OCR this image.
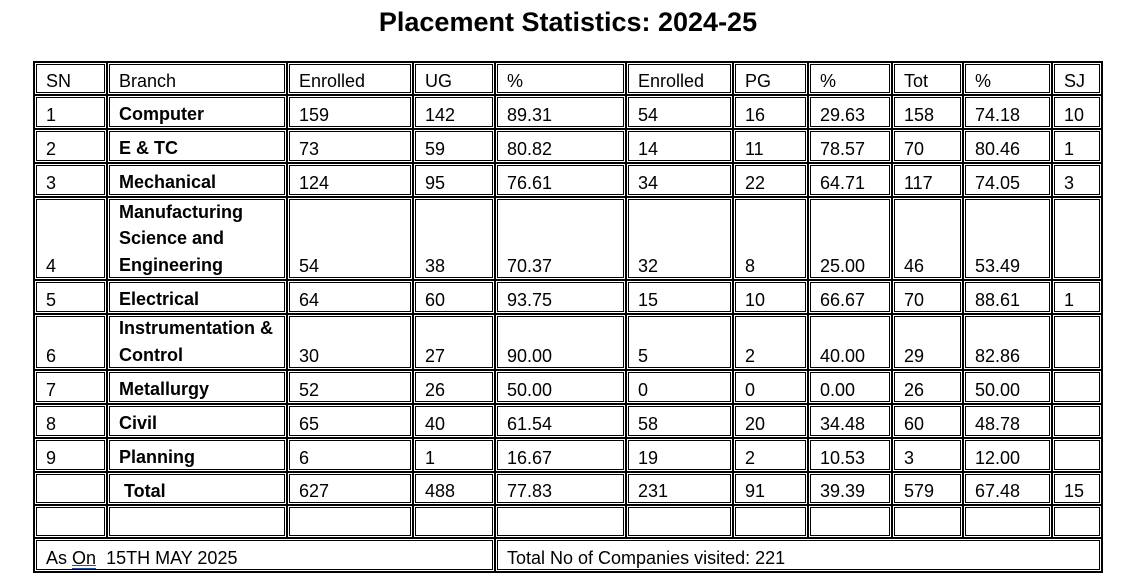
Placement Statistics: 2024-25
SN	Branch	Enrolled	UG	%	Enrolled	PG	%	Tot	%	SJ
1	Computer	159	142	89.31	54	16	29.63	158	74.18	10
2	E & TC	73	59	80.82	14	11	78.57	70	80.46	1
3	Mechanical	124	95	76.61	34	22	64.71	117	74.05	3
4	Manufacturing Science and Engineering	54	38	70.37	32	8	25.00	46	53.49	
5	Electrical	64	60	93.75	15	10	66.67	70	88.61	1
6	Instrumentation & Control	30	27	90.00	5	2	40.00	29	82.86	
7	Metallurgy	52	26	50.00	0	0	0.00	26	50.00	
8	Civil	65	40	61.54	58	20	34.48	60	48.78	
9	Planning	6	1	16.67	19	2	10.53	3	12.00	
	Total	627	488	77.83	231	91	39.39	579	67.48	15

As On 15TH MAY 2025				Total No of Companies visited: 221						
